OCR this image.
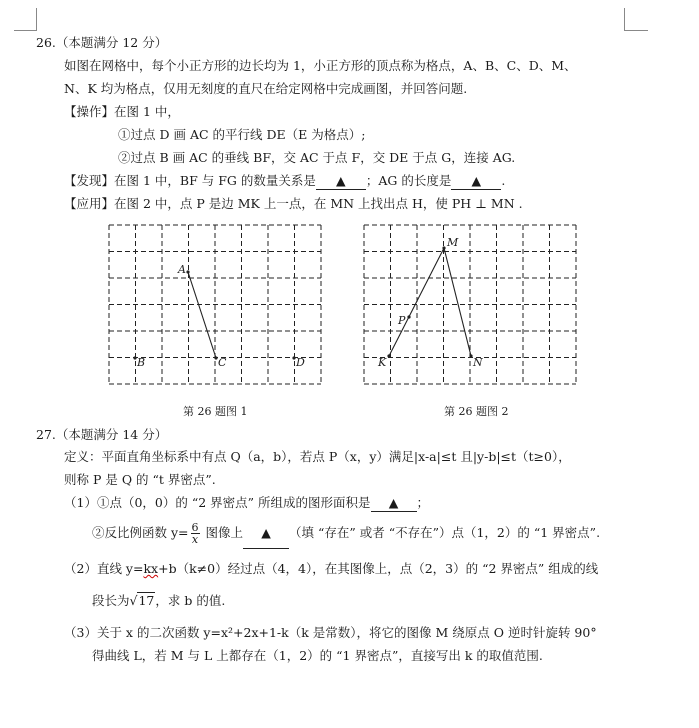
26.（本题满分 12 分）
如图在网格中，每个小正方形的边长均为 1，小正方形的顶点称为格点，A、B、C、D、M、
N、K 均为格点，仅用无刻度的直尺在给定网格中完成画图，并回答问题.
【操作】在图 1 中，
①过点 D 画 AC 的平行线 DE（E 为格点）;
②过点 B 画 AC 的垂线 BF，交 AC 于点 F，交 DE 于点 G，连接 AG.
【发现】在图 1 中，BF 与 FG 的数量关系是 ▲ ；AG 的长度是 ▲ .
【应用】在图 2 中，点 P 是边 MK 上一点，在 MN 上找出点 H，使 PH ⊥ MN .
A
B	C	D
第 26 题图 1
M
P
K	N
第 26 题图 2
27.（本题满分 14 分）
定义：平面直角坐标系中有点 Q（a，b），若点 P（x，y）满足|x-a|≤t 且|y-b|≤t（t≥0），
则称 P 是 Q 的 “t 界密点”.
（1）①点（0，0）的 “2 界密点” 所组成的图形面积是 ▲ ；
②反比例函数 $y= \frac{6}{x}$ 图像上 ▲ （填 “存在” 或者 “不存在”）点（1，2）的 “1 界密点”.
（2）直线 y=kx+b（k≠0）经过点（4，4），在其图像上，点（2，3）的 “2 界密点” 组成的线
段长为√17，求 b 的值.
（3）关于 x 的二次函数 y=x²+2x+1-k（k 是常数），将它的图像 M 绕原点 O 逆时针旋转 90°
得曲线 L，若 M 与 L 上都存在（1，2）的 “1 界密点”，直接写出 k 的取值范围.
